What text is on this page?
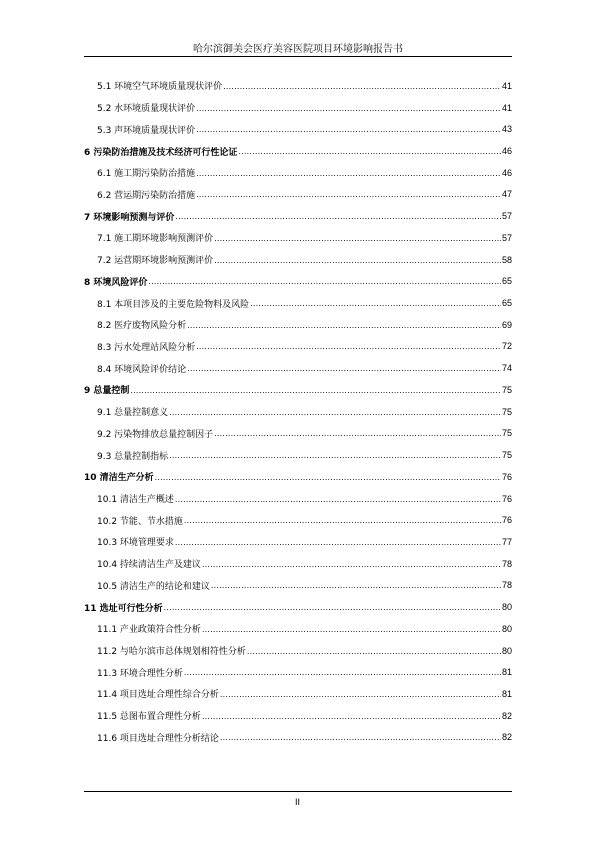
哈尔滨御美会医疗美容医院项目环境影响报告书
5.1 环境空气环境质量现状评价 .....	41
5.2 水环境质量现状评价 .....	41
5.3 声环境质量现状评价 .....	43
6 污染防治措施及技术经济可行性论证 .....	46
6.1 施工期污染防治措施 .....	46
6.2 营运期污染防治措施 .....	47
7 环境影响预测与评价 .....	57
7.1 施工期环境影响预测评价 .....	57
7.2 运营期环境影响预测评价 .....	58
8 环境风险评价 .....	65
8.1 本项目涉及的主要危险物料及风险 .....	65
8.2 医疗废物风险分析 .....	69
8.3 污水处理站风险分析 .....	72
8.4 环境风险评价结论 .....	74
9 总量控制 .....	75
9.1 总量控制意义 .....	75
9.2 污染物排放总量控制因子 .....	75
9.3 总量控制指标 .....	75
10 清洁生产分析 .....	76
10.1 清洁生产概述 .....	76
10.2 节能、节水措施 .....	76
10.3 环境管理要求 .....	77
10.4 持续清洁生产及建议 .....	78
10.5 清洁生产的结论和建议 .....	78
11 选址可行性分析 .....	80
11.1 产业政策符合性分析 .....	80
11.2 与哈尔滨市总体规划相符性分析 .....	80
11.3 环境合理性分析 .....	81
11.4 项目选址合理性综合分析 .....	81
11.5 总图布置合理性分析 .....	82
11.6 项目选址合理性分析结论 .....	82
II
